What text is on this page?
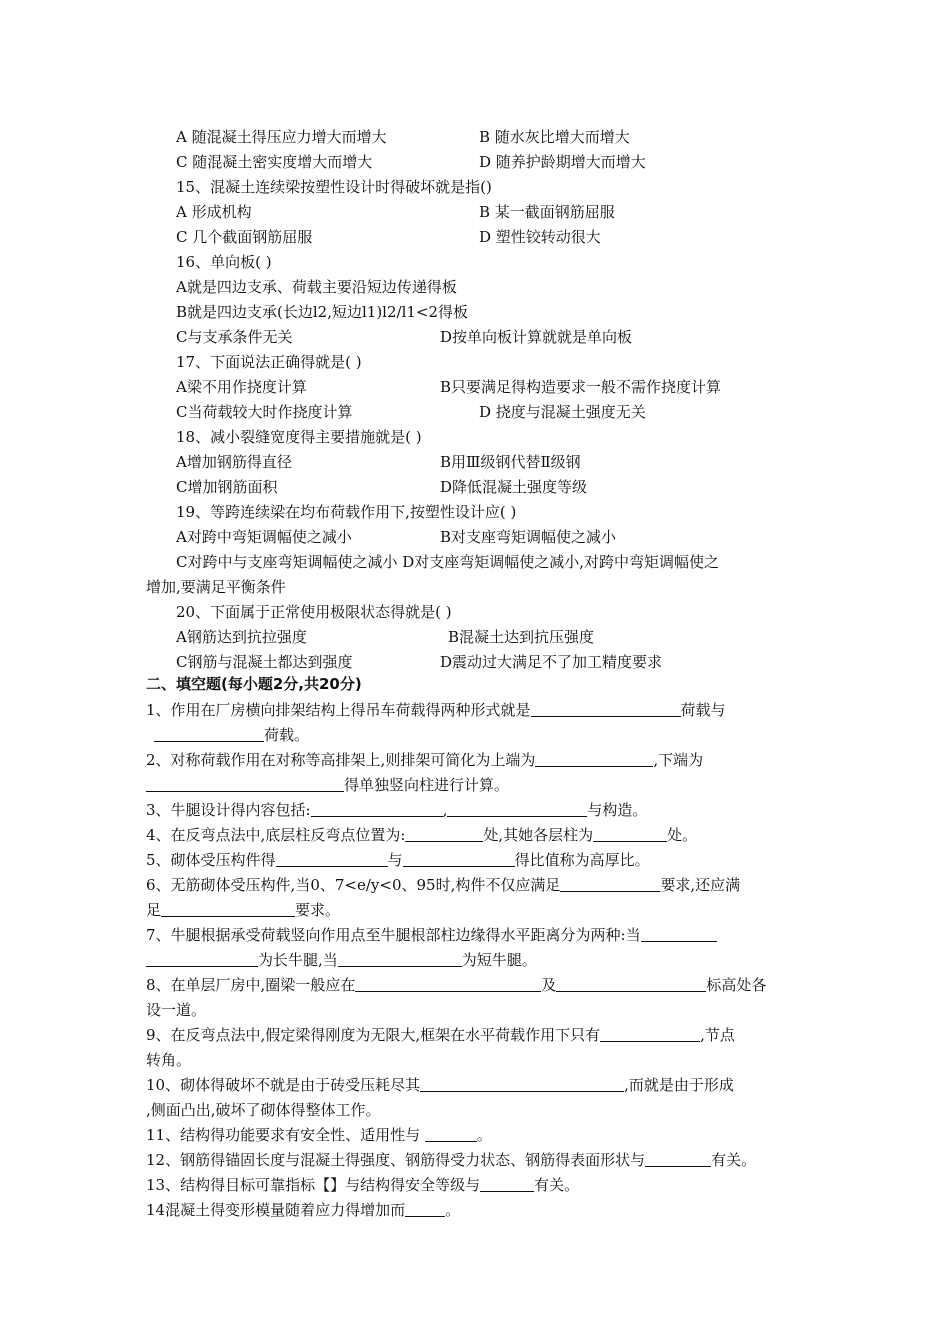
A 随混凝土得压应力增大而增大	B 随水灰比增大而增大
C 随混凝土密实度增大而增大	D 随养护龄期增大而增大
15、混凝土连续梁按塑性设计时得破坏就是指()
A 形成机构	B 某一截面钢筋屈服
C 几个截面钢筋屈服	D 塑性铰转动很大
16、单向板( )
A就是四边支承、荷载主要沿短边传递得板
B就是四边支承(长边l2,短边l1)l2/l1<2得板
C与支承条件无关	D按单向板计算就就是单向板
17、下面说法正确得就是( )
A梁不用作挠度计算	B只要满足得构造要求一般不需作挠度计算
C当荷载较大时作挠度计算	D 挠度与混凝土强度无关
18、减小裂缝宽度得主要措施就是( )
A增加钢筋得直径	B用Ⅲ级钢代替Ⅱ级钢
C增加钢筋面积	D降低混凝土强度等级
19、等跨连续梁在均布荷载作用下,按塑性设计应( )
A对跨中弯矩调幅使之减小	B对支座弯矩调幅使之减小
C对跨中与支座弯矩调幅使之减小 D对支座弯矩调幅使之减小,对跨中弯矩调幅使之
增加,要满足平衡条件
20、下面属于正常使用极限状态得就是( )
A钢筋达到抗拉强度	B混凝土达到抗压强度
C钢筋与混凝土都达到强度	D震动过大满足不了加工精度要求
二、填空题(每小题2分,共20分)
1、作用在厂房横向排架结构上得吊车荷载得两种形式就是	荷载与
荷载。
2、对称荷载作用在对称等高排架上,则排架可简化为上端为	,下端为
得单独竖向柱进行计算。
3、牛腿设计得内容包括:	,	与构造。
4、在反弯点法中,底层柱反弯点位置为:	处,其她各层柱为	处。
5、砌体受压构件得	与	得比值称为高厚比。
6、无筋砌体受压构件,当0、7<e/y<0、95时,构件不仅应满足	要求,还应满
足	要求。
7、牛腿根据承受荷载竖向作用点至牛腿根部柱边缘得水平距离分为两种:当
为长牛腿,当	为短牛腿。
8、在单层厂房中,圈梁一般应在	及	标高处各
设一道。
9、在反弯点法中,假定梁得刚度为无限大,框架在水平荷载作用下只有	,节点
转角。
10、砌体得破坏不就是由于砖受压耗尽其	,而就是由于形成
,侧面凸出,破坏了砌体得整体工作。
11、结构得功能要求有安全性、适用性与	。
12、钢筋得锚固长度与混凝土得强度、钢筋得受力状态、钢筋得表面形状与	有关。
13、结构得目标可靠指标【】与结构得安全等级与	有关。
14混凝土得变形模量随着应力得增加而	。
